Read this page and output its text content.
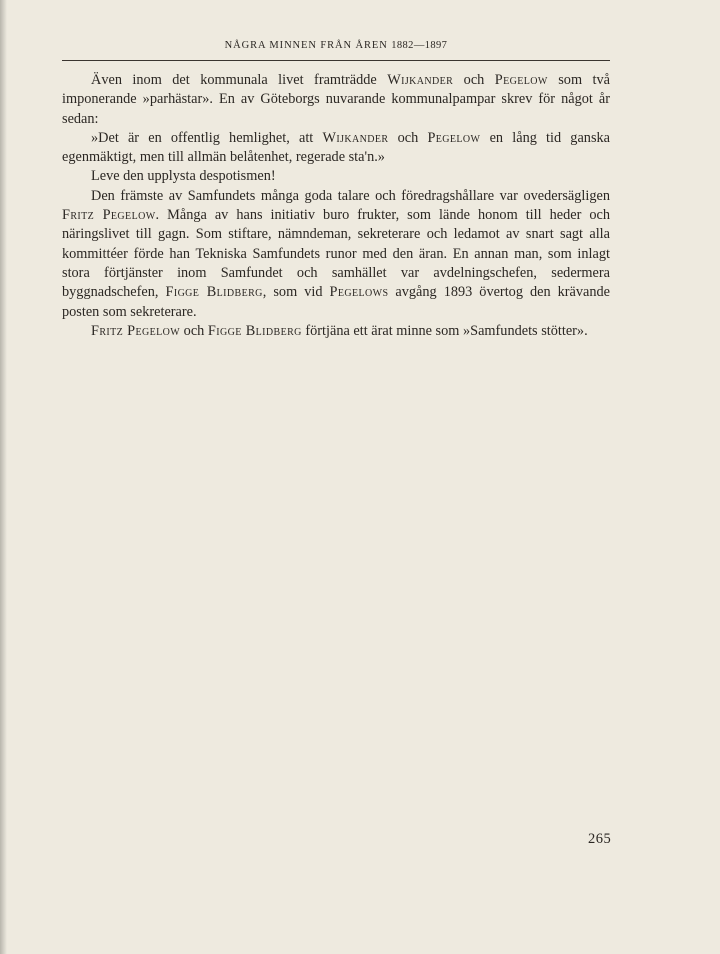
NÅGRA MINNEN FRÅN ÅREN 1882—1897

Även inom det kommunala livet framträdde Wijkander och Pegelow som två imponerande »parhästar». En av Göteborgs nuvarande kommunalpampar skrev för något år sedan:

»Det är en offentlig hemlighet, att Wijkander och Pegelow en lång tid ganska egenmäktigt, men till allmän belåtenhet, regerade sta'n.»

Leve den upplysta despotismen!

Den främste av Samfundets många goda talare och föredragshållare var ovedersägligen Fritz Pegelow. Många av hans initiativ buro frukter, som lände honom till heder och näringslivet till gagn. Som stiftare, nämndeman, sekreterare och ledamot av snart sagt alla kommittéer förde han Tekniska Samfundets runor med den äran. En annan man, som inlagt stora förtjänster inom Samfundet och samhället var avdelningschefen, sedermera byggnadschefen, Figge Blidberg, som vid Pegelows avgång 1893 övertog den krävande posten som sekreterare.

Fritz Pegelow och Figge Blidberg förtjäna ett ärat minne som »Samfundets stötter».

265
